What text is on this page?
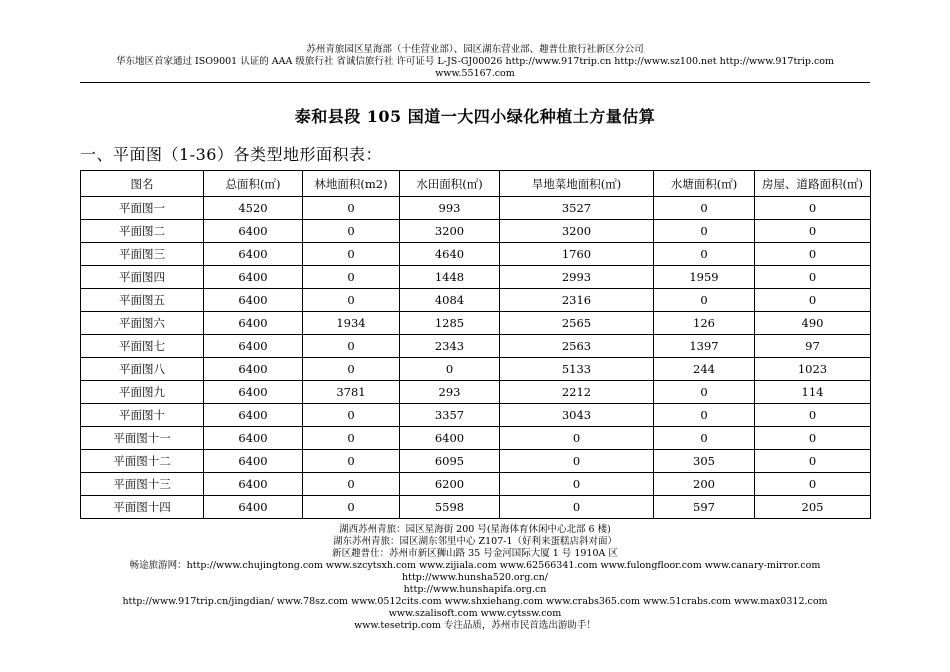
苏州青旅园区星海部（十佳营业部）、园区湖东营业部、趣普仕旅行社新区分公司
华东地区首家通过 ISO9001 认证的 AAA 级旅行社 省诚信旅行社 许可证号 L-JS-GJ00026 http://www.917trip.cn http://www.sz100.net http://www.917trip.com
www.55167.com
泰和县段 105 国道一大四小绿化种植土方量估算
一、平面图（1-36）各类型地形面积表：
图名	总面积(㎡)	林地面积(m2)	水田面积(㎡)	旱地菜地面积(㎡)	水塘面积(㎡)	房屋、道路面积(㎡)
平面图一	4520	0	993	3527	0	0
平面图二	6400	0	3200	3200	0	0
平面图三	6400	0	4640	1760	0	0
平面图四	6400	0	1448	2993	1959	0
平面图五	6400	0	4084	2316	0	0
平面图六	6400	1934	1285	2565	126	490
平面图七	6400	0	2343	2563	1397	97
平面图八	6400	0	0	5133	244	1023
平面图九	6400	3781	293	2212	0	114
平面图十	6400	0	3357	3043	0	0
平面图十一	6400	0	6400	0	0	0
平面图十二	6400	0	6095	0	305	0
平面图十三	6400	0	6200	0	200	0
平面图十四	6400	0	5598	0	597	205
湖西苏州青旅：园区星海街 200 号(星海体育休闲中心北部 6 楼)
湖东苏州青旅：园区湖东邻里中心 Z107-1（好利来蛋糕店斜对面）
新区趣普仕：苏州市新区狮山路 35 号金河国际大厦 1 号 1910A 区
畅途旅游网：http://www.chujingtong.com www.szcytsxh.com www.zijiala.com www.62566341.com www.fulongfloor.com www.canary-mirror.com http://www.hunsha520.org.cn/
http://www.hunshapifa.org.cn
http://www.917trip.cn/jingdian/ www.78sz.com www.0512cits.com www.shxiehang.com www.crabs365.com www.51crabs.com www.max0312.com www.szalisoft.com www.cytssw.com
www.tesetrip.com 专注品质，苏州市民首选出游助手！
